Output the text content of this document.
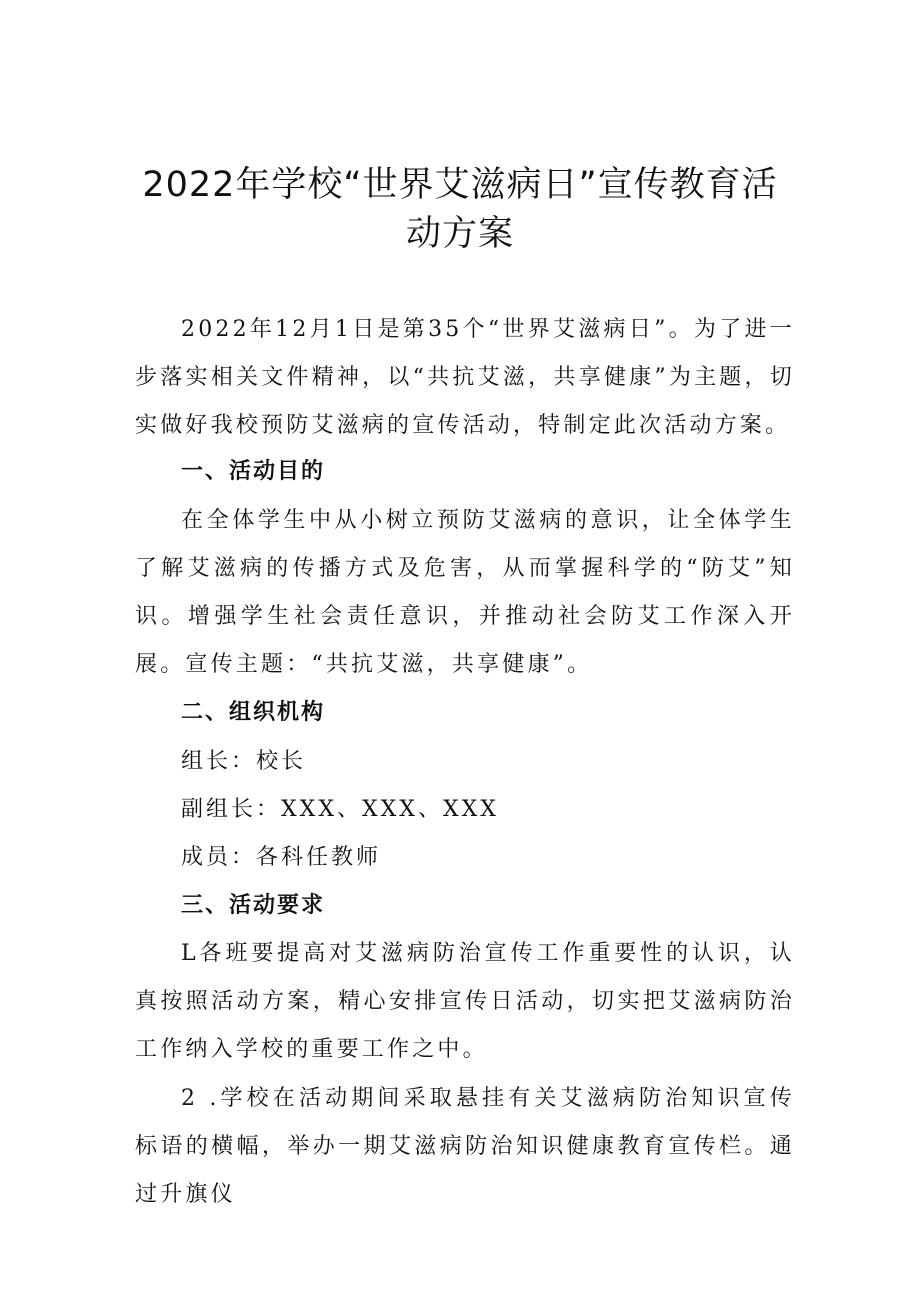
2022年学校“世界艾滋病日”宣传教育活
动方案

2022年12月1日是第35个“世界艾滋病日”。为了进一步落实相关文件精神，以“共抗艾滋，共享健康”为主题，切实做好我校预防艾滋病的宣传活动，特制定此次活动方案。

一、活动目的

在全体学生中从小树立预防艾滋病的意识，让全体学生了解艾滋病的传播方式及危害，从而掌握科学的“防艾”知识。增强学生社会责任意识，并推动社会防艾工作深入开展。宣传主题：“共抗艾滋，共享健康”。

二、组织机构

组长：校长

副组长：XXX、XXX、XXX

成员：各科任教师

三、活动要求

L各班要提高对艾滋病防治宣传工作重要性的认识，认真按照活动方案，精心安排宣传日活动，切实把艾滋病防治工作纳入学校的重要工作之中。

2 .学校在活动期间采取悬挂有关艾滋病防治知识宣传标语的横幅，举办一期艾滋病防治知识健康教育宣传栏。通过升旗仪
